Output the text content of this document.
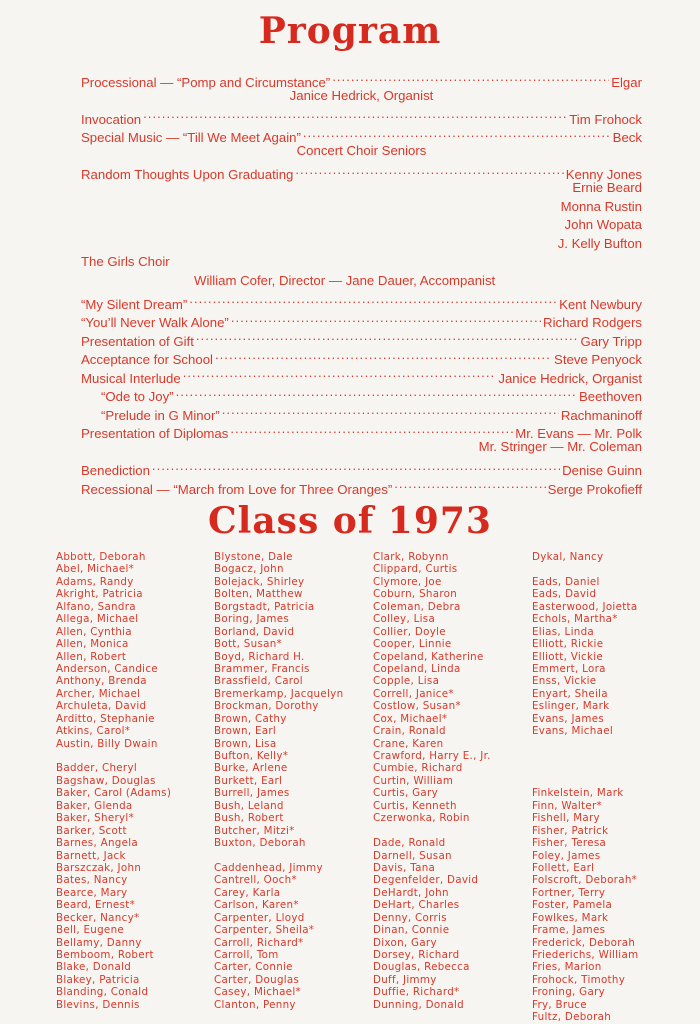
Program
Processional — “Pomp and Circumstance” .....	Elgar
Janice Hedrick, Organist
Invocation .....	Tim Frohock
Special Music — “Till We Meet Again” .....	Beck
Concert Choir Seniors
Random Thoughts Upon Graduating .....	Kenny Jones
Ernie Beard
Monna Rustin
John Wopata
J. Kelly Bufton
The Girls Choir
William Cofer, Director — Jane Dauer, Accompanist
“My Silent Dream” .....	Kent Newbury
“You’ll Never Walk Alone” .....	Richard Rodgers
Presentation of Gift .....	Gary Tripp
Acceptance for School .....	Steve Penyock
Musical Interlude .....	Janice Hedrick, Organist
“Ode to Joy” .....	Beethoven
“Prelude in G Minor” .....	Rachmaninoff
Presentation of Diplomas .....	Mr. Evans — Mr. Polk
Mr. Stringer — Mr. Coleman
Benediction .....	Denise Guinn
Recessional — “March from Love for Three Oranges” .....	Serge Prokofieff
Class of 1973
Abbott, Deborah
Abel, Michael*
Adams, Randy
Akright, Patricia
Alfano, Sandra
Allega, Michael
Allen, Cynthia
Allen, Monica
Allen, Robert
Anderson, Candice
Anthony, Brenda
Archer, Michael
Archuleta, David
Arditto, Stephanie
Atkins, Carol*
Austin, Billy Dwain
Badder, Cheryl
Bagshaw, Douglas
Baker, Carol (Adams)
Baker, Glenda
Baker, Sheryl*
Barker, Scott
Barnes, Angela
Barnett, Jack
Barszczak, John
Bates, Nancy
Bearce, Mary
Beard, Ernest*
Becker, Nancy*
Bell, Eugene
Bellamy, Danny
Bemboom, Robert
Blake, Donald
Blakey, Patricia
Blanding, Conald
Blevins, Dennis
Blystone, Dale
Bogacz, John
Bolejack, Shirley
Bolten, Matthew
Borgstadt, Patricia
Boring, James
Borland, David
Bott, Susan*
Boyd, Richard H.
Brammer, Francis
Brassfield, Carol
Bremerkamp, Jacquelyn
Brockman, Dorothy
Brown, Cathy
Brown, Earl
Brown, Lisa
Bufton, Kelly*
Burke, Arlene
Burkett, Earl
Burrell, James
Bush, Leland
Bush, Robert
Butcher, Mitzi*
Buxton, Deborah
Caddenhead, Jimmy
Cantrell, Ooch*
Carey, Karla
Carlson, Karen*
Carpenter, Lloyd
Carpenter, Sheila*
Carroll, Richard*
Carroll, Tom
Carter, Connie
Carter, Douglas
Casey, Michael*
Clanton, Penny
Clark, Robynn
Clippard, Curtis
Clymore, Joe
Coburn, Sharon
Coleman, Debra
Colley, Lisa
Collier, Doyle
Cooper, Linnie
Copeland, Katherine
Copeland, Linda
Copple, Lisa
Correll, Janice*
Costlow, Susan*
Cox, Michael*
Crain, Ronald
Crane, Karen
Crawford, Harry E., Jr.
Cumbie, Richard
Curtin, William
Curtis, Gary
Curtis, Kenneth
Czerwonka, Robin
Dade, Ronald
Darnell, Susan
Davis, Tana
Degenfelder, David
DeHardt, John
DeHart, Charles
Denny, Corris
Dinan, Connie
Dixon, Gary
Dorsey, Richard
Douglas, Rebecca
Duff, Jimmy
Duffie, Richard*
Dunning, Donald
Dykal, Nancy
Eads, Daniel
Eads, David
Easterwood, Joietta
Echols, Martha*
Elias, Linda
Elliott, Rickie
Elliott, Vickie
Emmert, Lora
Enss, Vickie
Enyart, Sheila
Eslinger, Mark
Evans, James
Evans, Michael
Finkelstein, Mark
Finn, Walter*
Fishell, Mary
Fisher, Patrick
Fisher, Teresa
Foley, James
Follett, Earl
Folscroft, Deborah*
Fortner, Terry
Foster, Pamela
Fowlkes, Mark
Frame, James
Frederick, Deborah
Friederichs, William
Fries, Marion
Frohock, Timothy
Froning, Gary
Fry, Bruce
Fultz, Deborah
